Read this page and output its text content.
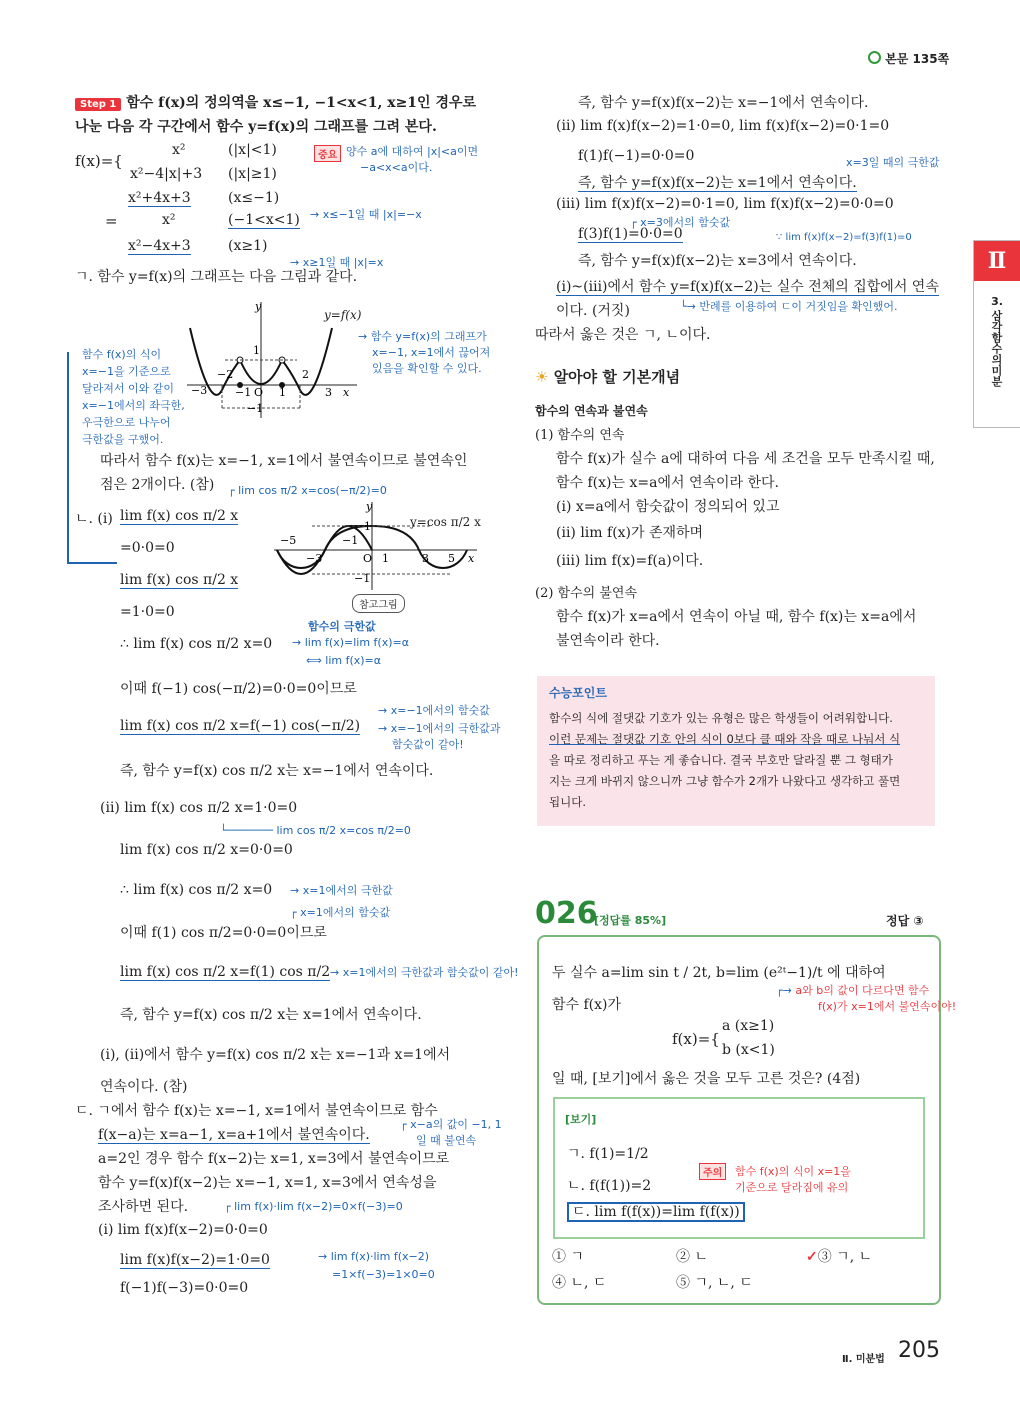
본문 135쪽
Ⅱ
3.
삼각함수의미분
Step 1 함수 f(x)의 정의역을 x≤−1, −1<x<1, x≥1인 경우로
나눈 다음 각 구간에서 함수 y=f(x)의 그래프를 그려 본다.
f(x)={
x²	(|x|<1)
x²−4|x|+3 (|x|≥1)
중요 양수 a에 대하여 |x|<a이면
−a<x<a이다.
=
x²+4x+3	(x≤−1)
x²	(−1<x<1)
x²−4x+3	(x≥1)
→ x≤−1일 때 |x|=−x
→ x≥1일 때 |x|=x
ㄱ. 함수 y=f(x)의 그래프는 다음 그림과 같다.
−3
−2
−1 O 1
2
3 x
y
1
−1
y=f(x)
→ 함수 y=f(x)의 그래프가
x=−1, x=1에서 끊어져
있음을 확인할 수 있다.
함수 f(x)의 식이
x=−1을 기준으로
달라져서 이와 같이
x=−1에서의 좌극한,
우극한으로 나누어
극한값을 구했어.
따라서 함수 f(x)는 x=−1, x=1에서 불연속이므로 불연속인
점은 2개이다. (참) ┌ lim cos π/2 x=cos(−π/2)=0
ㄴ. (ⅰ) lim f(x) cos π/2 x
=0·0=0
lim f(x) cos π/2 x
=1·0=0
−5
−3
−1
O 1	3 5 x
y
1
−1
y=cos π/2 x
참고그림
∴ lim f(x) cos π/2 x=0
함수의 극한값
→ lim f(x)=lim f(x)=α
⟺ lim f(x)=α
이때 f(−1) cos(−π/2)=0·0=0이므로
lim f(x) cos π/2 x=f(−1) cos(−π/2)
→ x=−1에서의 함숫값
→ x=−1에서의 극한값과
함숫값이 같아!
즉, 함수 y=f(x) cos π/2 x는 x=−1에서 연속이다.
(ⅱ) lim f(x) cos π/2 x=1·0=0
└─────── lim cos π/2 x=cos π/2=0
lim f(x) cos π/2 x=0·0=0
∴ lim f(x) cos π/2 x=0 → x=1에서의 극한값
┌ x=1에서의 함숫값
이때 f(1) cos π/2=0·0=0이므로
lim f(x) cos π/2 x=f(1) cos π/2 → x=1에서의 극한값과 함숫값이 같아!
즉, 함수 y=f(x) cos π/2 x는 x=1에서 연속이다.
(ⅰ), (ⅱ)에서 함수 y=f(x) cos π/2 x는 x=−1과 x=1에서
연속이다. (참)
ㄷ. ㄱ에서 함수 f(x)는 x=−1, x=1에서 불연속이므로 함수
f(x−a)는 x=a−1, x=a+1에서 불연속이다.
┌ x−a의 값이 −1, 1
일 때 불연속
a=2인 경우 함수 f(x−2)는 x=1, x=3에서 불연속이므로
함수 y=f(x)f(x−2)는 x=−1, x=1, x=3에서 연속성을
조사하면 된다.	┌ lim f(x)·lim f(x−2)=0×f(−3)=0
(ⅰ) lim f(x)f(x−2)=0·0=0
lim f(x)f(x−2)=1·0=0	→ lim f(x)·lim f(x−2)
=1×f(−3)=1×0=0
f(−1)f(−3)=0·0=0
즉, 함수 y=f(x)f(x−2)는 x=−1에서 연속이다.
(ⅱ) lim f(x)f(x−2)=1·0=0, lim f(x)f(x−2)=0·1=0
f(1)f(−1)=0·0=0	x=3일 때의 극한값
즉, 함수 y=f(x)f(x−2)는 x=1에서 연속이다.
(ⅲ) lim f(x)f(x−2)=0·1=0, lim f(x)f(x−2)=0·0=0
┌ x=3에서의 함숫값
f(3)f(1)=0·0=0	∵ lim f(x)f(x−2)=f(3)f(1)=0
즉, 함수 y=f(x)f(x−2)는 x=3에서 연속이다.
(ⅰ)~(ⅲ)에서 함수 y=f(x)f(x−2)는 실수 전체의 집합에서 연속
이다. (거짓)	└→ 반례를 이용하여 ㄷ이 거짓임을 확인했어.
따라서 옳은 것은 ㄱ, ㄴ이다.
☀ 알아야 할 기본개념
함수의 연속과 불연속
(1) 함수의 연속
함수 f(x)가 실수 a에 대하여 다음 세 조건을 모두 만족시킬 때,
함수 f(x)는 x=a에서 연속이라 한다.
(ⅰ) x=a에서 함숫값이 정의되어 있고
(ⅱ) lim f(x)가 존재하며
(ⅲ) lim f(x)=f(a)이다.
(2) 함수의 불연속
함수 f(x)가 x=a에서 연속이 아닐 때, 함수 f(x)는 x=a에서
불연속이라 한다.
수능포인트
함수의 식에 절댓값 기호가 있는 유형은 많은 학생들이 어려워합니다.
이런 문제는 절댓값 기호 안의 식이 0보다 클 때와 작을 때로 나눠서 식
을 따로 정리하고 푸는 게 좋습니다. 결국 부호만 달라질 뿐 그 형태가
지는 크게 바뀌지 않으니까 그냥 함수가 2개가 나왔다고 생각하고 풀면
됩니다.
026
[정답률 85%]	정답 ③
두 실수 a=lim sin t / 2t, b=lim (e²ᵗ−1)/t 에 대하여
┌→ a와 b의 값이 다르다면 함수
f(x)가 x=1에서 불연속이야!
함수 f(x)가
f(x)={
a (x≥1)
b (x<1)
일 때, [보기]에서 옳은 것을 모두 고른 것은? (4점)
[보기]
ㄱ. f(1)=1/2
ㄴ. f(f(1))=2
ㄷ. lim f(f(x))=lim f(f(x))
주의	함수 f(x)의 식이 x=1을
기준으로 달라짐에 유의
① ㄱ	② ㄴ	✓③ ㄱ, ㄴ
④ ㄴ, ㄷ	⑤ ㄱ, ㄴ, ㄷ
Ⅱ. 미분법 205
